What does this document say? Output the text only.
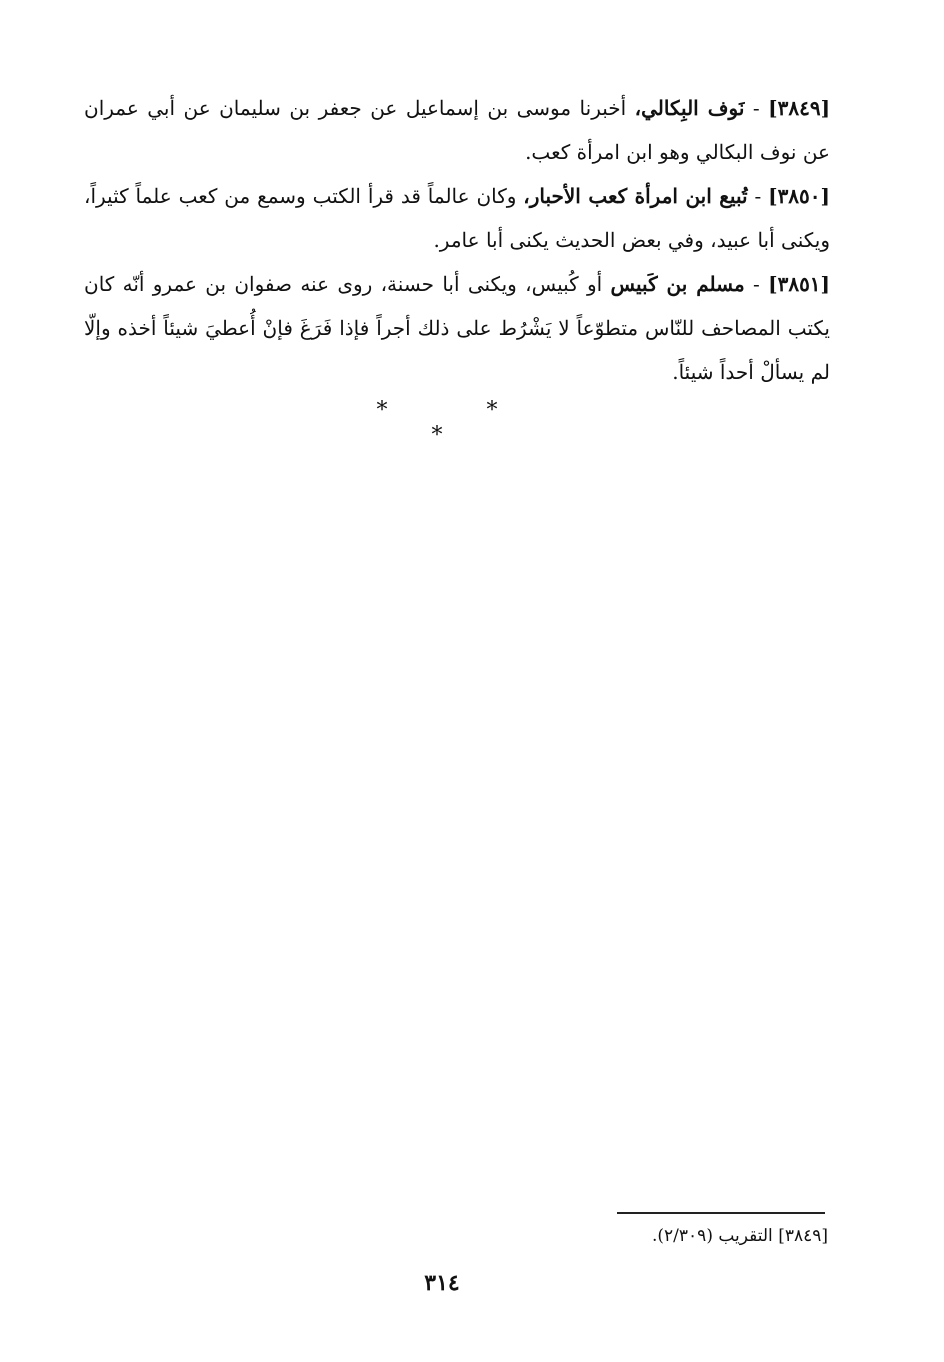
[٣٨٤٩] - نَوف البِكالي، أخبرنا موسى بن إسماعيل عن جعفر بن سليمان عن أبي عمران عن نوف البكالي وهو ابن امرأة كعب.

[٣٨٥٠] - تُبيع ابن امرأة كعب الأحبار، وكان عالماً قد قرأ الكتب وسمع من كعب علماً كثيراً، ويكنى أبا عبيد، وفي بعض الحديث يكنى أبا عامر.

[٣٨٥١] - مسلم بن كَبيس أو كُبيس، ويكنى أبا حسنة، روى عنه صفوان بن عمرو أنّه كان يكتب المصاحف للنّاس متطوّعاً لا يَشْرُط على ذلك أجراً فإذا فَرَغَ فإنْ أُعطيَ شيئاً أخذه وإلّا لم يسألْ أحداً شيئاً.

* * *
[٣٨٤٩] التقريب (٢/٣٠٩).
٣١٤
